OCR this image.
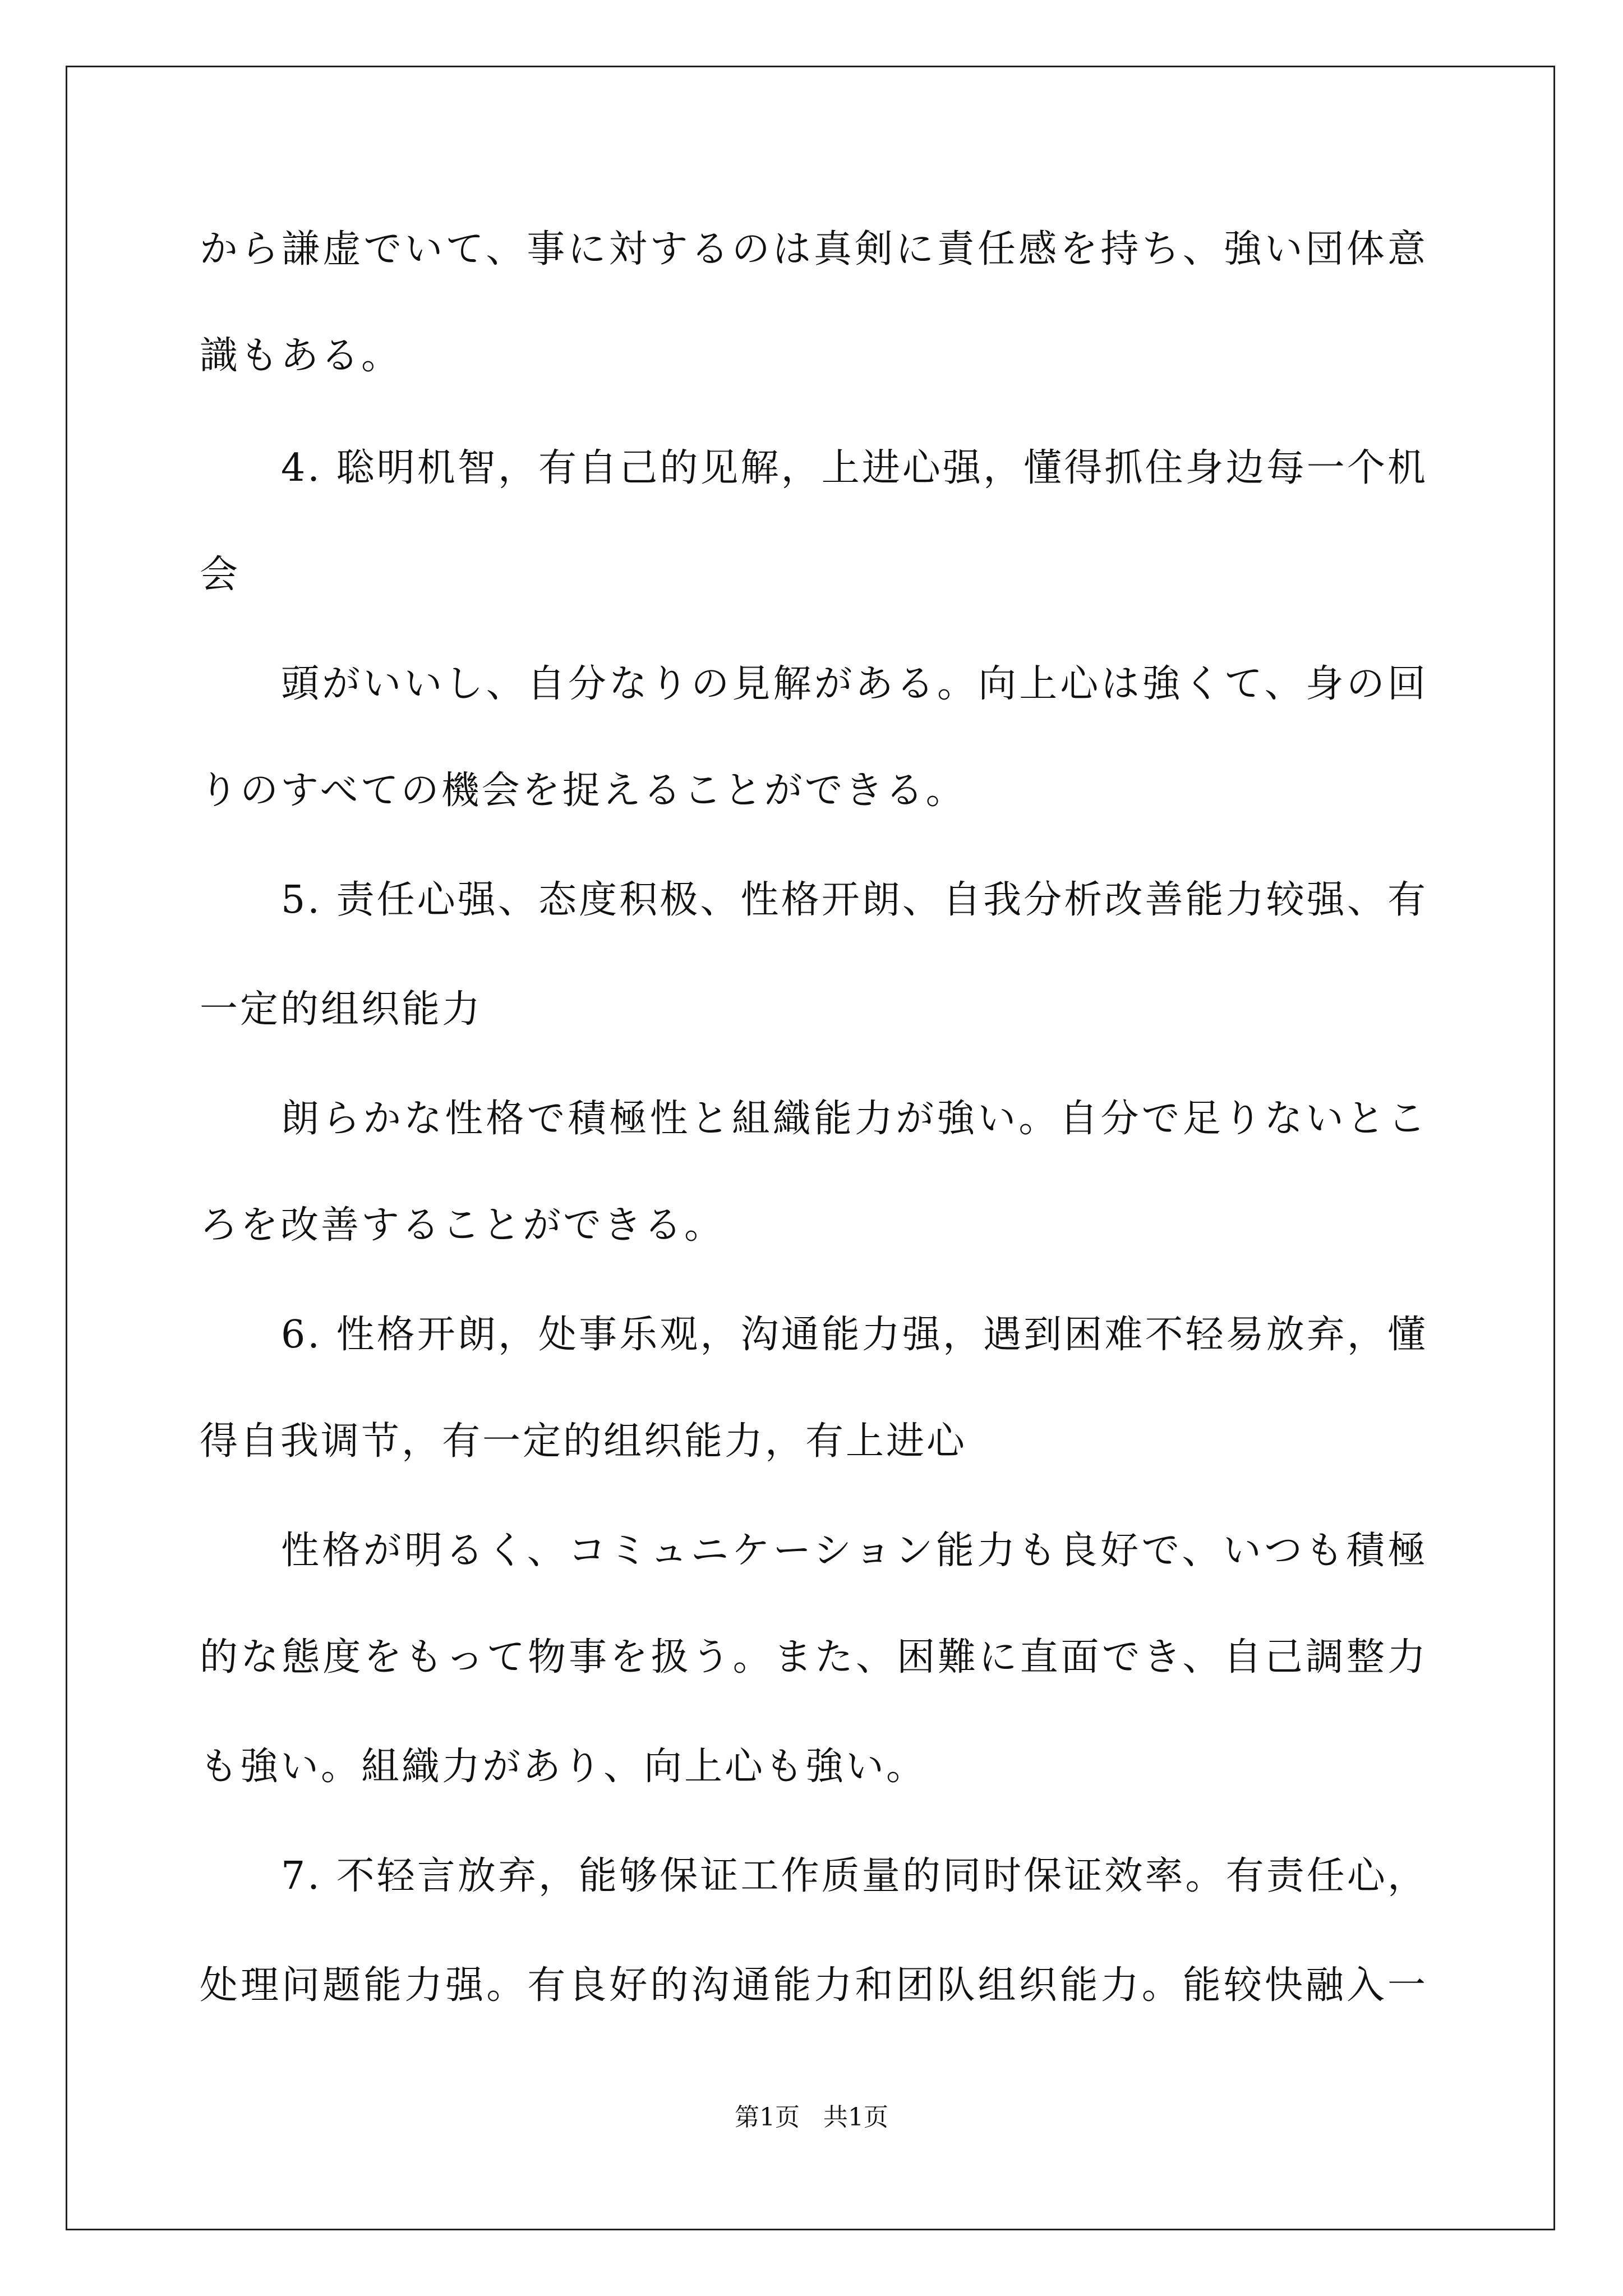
から謙虚でいて、事に対するのは真剣に責任感を持ち、強い団体意
識もある。
4. 聡明机智，有自己的见解，上进心强，懂得抓住身边每一个机
会
頭がいいし、自分なりの見解がある。向上心は強くて、身の回
りのすべての機会を捉えることができる。
5. 责任心强、态度积极、性格开朗、自我分析改善能力较强、有
一定的组织能力
朗らかな性格で積極性と組織能力が強い。自分で足りないとこ
ろを改善することができる。
6. 性格开朗，处事乐观，沟通能力强，遇到困难不轻易放弃，懂
得自我调节，有一定的组织能力，有上进心
性格が明るく、コミュニケーション能力も良好で、いつも積極
的な態度をもって物事を扱う。また、困難に直面でき、自己調整力
も強い。組織力があり、向上心も強い。
7. 不轻言放弃，能够保证工作质量的同时保证效率。有责任心，
处理问题能力强。有良好的沟通能力和团队组织能力。能较快融入一
第1页   共1页
